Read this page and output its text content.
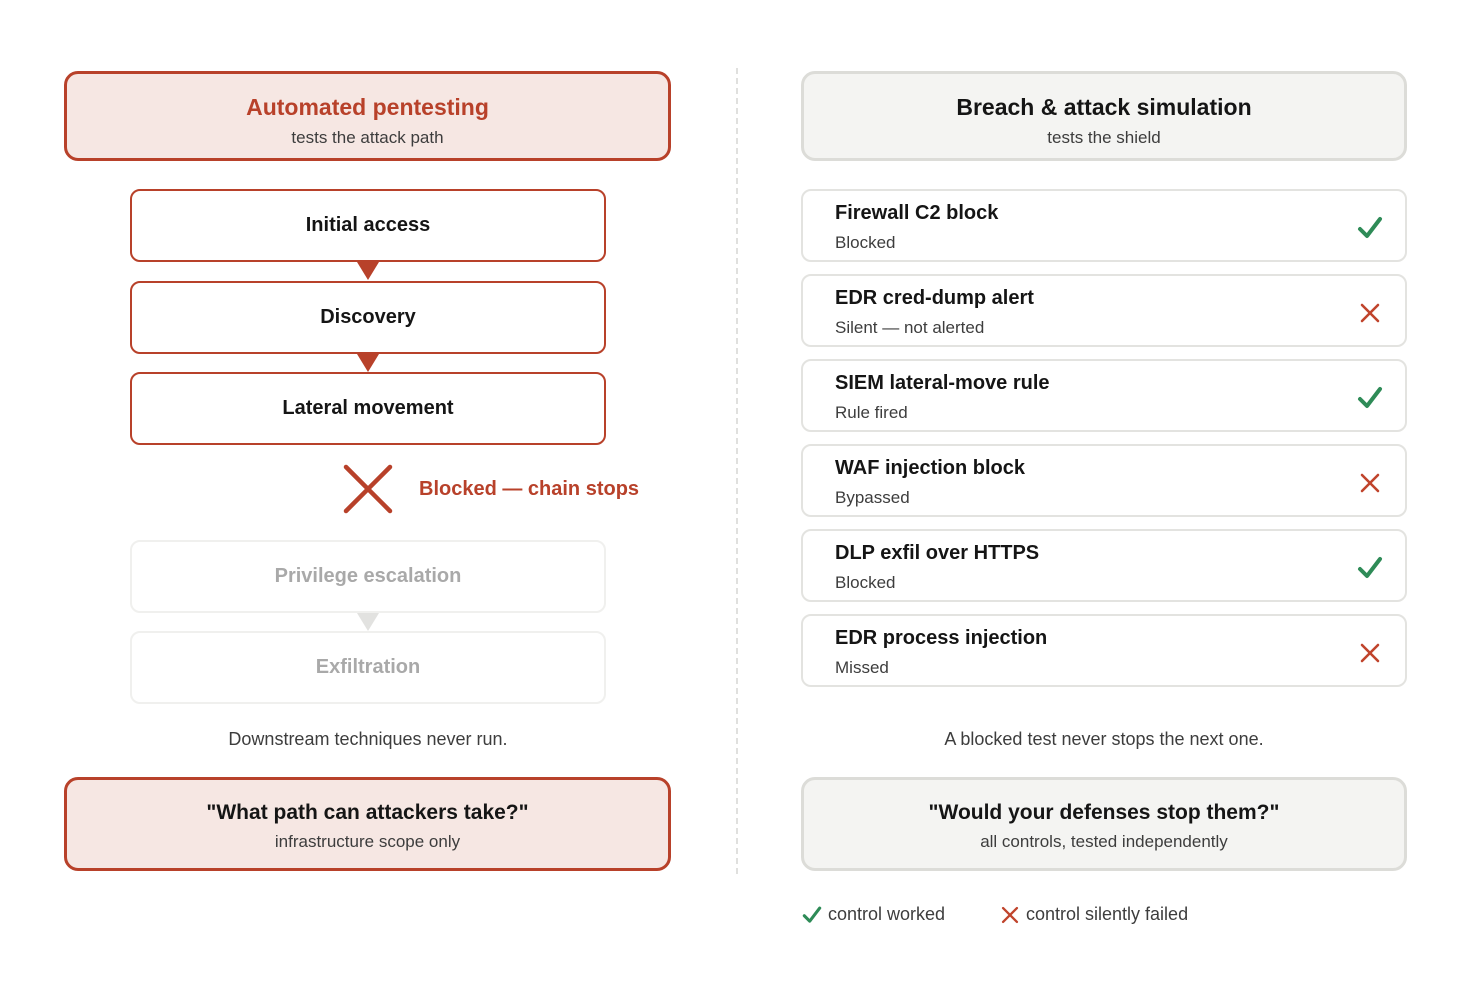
Automated pentesting
tests the attack path
Initial access
Discovery
Lateral movement
Blocked — chain stops
Privilege escalation
Exfiltration
Downstream techniques never run.
"What path can attackers take?"
infrastructure scope only
Breach & attack simulation
tests the shield
Firewall C2 block
Blocked
EDR cred-dump alert
Silent — not alerted
SIEM lateral-move rule
Rule fired
WAF injection block
Bypassed
DLP exfil over HTTPS
Blocked
EDR process injection
Missed
A blocked test never stops the next one.
"Would your defenses stop them?"
all controls, tested independently
control worked	control silently failed
